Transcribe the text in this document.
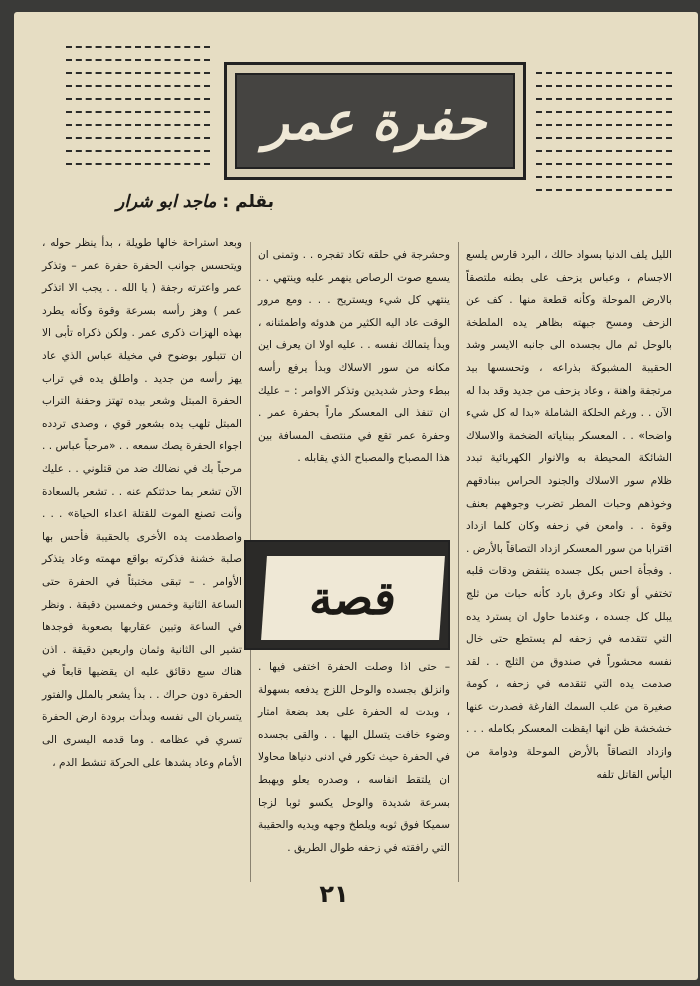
حفرة عمر
بقلم : ماجد ابو شرار

الليل يلف الدنيا بسواد حالك ، البرد قارس يلسع الاجسام ، وعباس يزحف على بطنه ملتصقاً بالارض الموحلة وكأنه قطعة منها . كف عن الزحف ومسح جبهته بظاهر يده الملطخة بالوحل ثم مال بجسده الى جانبه الايسر وشد الحقيبة المشبوكة بذراعه ، وتحسسها بيد مرتجفة واهنة ، وعاد يزحف من جديد وقد بدا له الآن . . ورغم الحلكة الشاملة «بدا له كل شيء واضحا» . . المعسكر ببناياته الضخمة والاسلاك الشائكة المحيطة به والانوار الكهربائية تبدد ظلام سور الاسلاك والجنود الحراس ببنادقهم وخوذهم وحبات المطر تضرب وجوههم بعنف وقوة . . وامعن في زحفه وكان كلما ازداد اقترابا من سور المعسكر ازداد التصاقاً بالأرض . . وفجأة احس بكل جسده ينتفض ودقات قلبه تختفي أو تكاد وعرق بارد كأنه حبات من ثلج يبلل كل جسده ، وعندما حاول ان يسترد يده التي تتقدمه في زحفه لم يستطع حتى خال نفسه محشوراً في صندوق من الثلج . . لقد صدمت يده التي تتقدمه في زحفه ، كومة صغيرة من علب السمك الفارغة فصدرت عنها خشخشة ظن انها ايقظت المعسكر بكامله . . . وازداد التصاقاً بالأرض الموحلة ودوامة من اليأس القاتل تلفه

وحشرجة في حلقه تكاد تفجره . . وتمنى ان يسمع صوت الرصاص ينهمر عليه وينتهي . . ينتهي كل شيء ويستريح . . . ومع مرور الوقت عاد اليه الكثير من هدوئه واطمئنانه ، وبدأ يتمالك نفسه . . عليه اولا ان يعرف اين مكانه من سور الاسلاك وبدأ يرفع رأسه ببطء وحذر شديدين وتذكر الاوامر : – عليك ان تنفذ الى المعسكر ماراً بحفرة عمر . وحفرة عمر تقع في منتصف المسافة بين هذا المصباح والمصباح الذي يقابله .

قصة

– حتى اذا وصلت الحفرة اختفى فيها . وانزلق بجسده والوحل اللزج يدفعه بسهولة ، وبدت له الحفرة على بعد بضعة امتار وضوء خافت يتسلل اليها . . والقى بجسده في الحفرة حيث تكور في ادنى دنياها محاولا ان يلتقط انفاسه ، وصدره يعلو ويهبط بسرعة شديدة والوحل يكسو ثوبا لزجا سميكا فوق ثوبه ويلطخ وجهه ويديه والحقيبة التي رافقته في زحفه طوال الطريق .

وبعد استراحة خالها طويلة ، بدأ ينظر حوله ، ويتحسس جوانب الحفرة حفرة عمر – وتذكر عمر واعترته رجفة ( يا الله . . يجب الا اتذكر عمر ) وهز رأسه بسرعة وقوة وكأنه يطرد بهذه الهزات ذكرى عمر . ولكن ذكراه تأبى الا ان تتبلور بوضوح في مخيلة عباس الذي عاد يهز رأسه من جديد . واطلق يده في تراب الحفرة المبتل وشعر بيده تهتز وحفنة التراب المبتل تلهب يده بشعور قوي ، وصدى تردده اجواء الحفرة يصك سمعه . . «مرحباً عباس . . مرحباً بك في نضالك ضد من قتلوني . . عليك الآن تشعر بما حدثتكم عنه . . تشعر بالسعادة وأنت تصنع الموت للقتلة اعداء الحياة» . . . واصطدمت يده الأخرى بالحقيبة فأحس بها صلبة خشنة فذكرته بواقع مهمته وعاد يتذكر الأوامر . – تبقى مختبئاً في الحفرة حتى الساعة الثانية وخمس وخمسين دقيقة . ونظر في الساعة وتبين عقاربها بصعوبة فوجدها تشير الى الثانية وثمان واربعين دقيقة . اذن هناك سبع دقائق عليه ان يقضيها قابعاً في الحفرة دون حراك . . بدأ يشعر بالملل والفتور يتسربان الى نفسه وبدأت برودة ارض الحفرة تسري في عظامه . وما قدمه اليسرى الى الأمام وعاد يشدها على الحركة تنشط الدم ،

٢١
